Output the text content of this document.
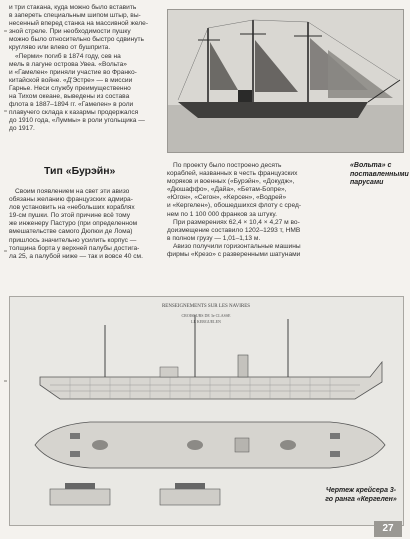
и три стакана, куда можно было вставить
в запереть специальным шипом штыр, вы-
несенный вперед станка на массивной желе-
зной стреле. При необходимости пушку
можно было относительно быстро сдвинуть
кругляво или влево от бушприта.
«Перми» погиб в 1874 году, сев на
мель в лагуне острова Увеа. «Вольта»
и «Гамелен» приняли участие во Франко-
китайской войне. «Д'Эстре» — в миссии
Гарнье. Неси службу преимущественно
на Тихом океане, выведены из состава
флота в 1887–1894 гг. «Гамелен» в роли
плавучего склада к казармы продержался
до 1910 года, «Луммы» в роли угольщика —
до 1917.
Тип «Бурэйн»
Своим появлением на свет эти авизо
обязаны желанию французских адмира-
лов установить на «небольших кораблях
19-см пушки. По этой причине всё тому
же инженеру Пастуро (при определенном
вмешательстве самого Дюпюи де Лома)
пришлось значительно усилить корпус —
толщина борта у верхней палубы достига-
ла 25, а палубой ниже — так и вовсе 40 см.
По проекту было построено десять
кораблей, названных в честь французских
моряков и военных («Бурэйн», «Докудж»,
«Дюшаффо», «Дайа», «Бетам-Бопре»,
«Югон», «Сегон», «Керсен», «Водрей»
и «Кергелен»), обошедшихся флоту с сред-
нем по 1 100 000 франков за штуку.
При размерениях 62,4 × 10,4 × 4,27 м во-
доизмещение составило 1202–1293 т, НМВ
в полном грузу — 1,01–1,13 м.
Авизо получили горизонтальные машины
фирмы «Крезо» с разверенными шатунами
«Вольта» с поставленными парусами
RENSEIGNEMENTS SUR LES NAVIRES
CROISEURS DE 3e CLASSE
LE KERGUELEN
Чертеж крейсера 3-го ранга «Кергелен»
27
